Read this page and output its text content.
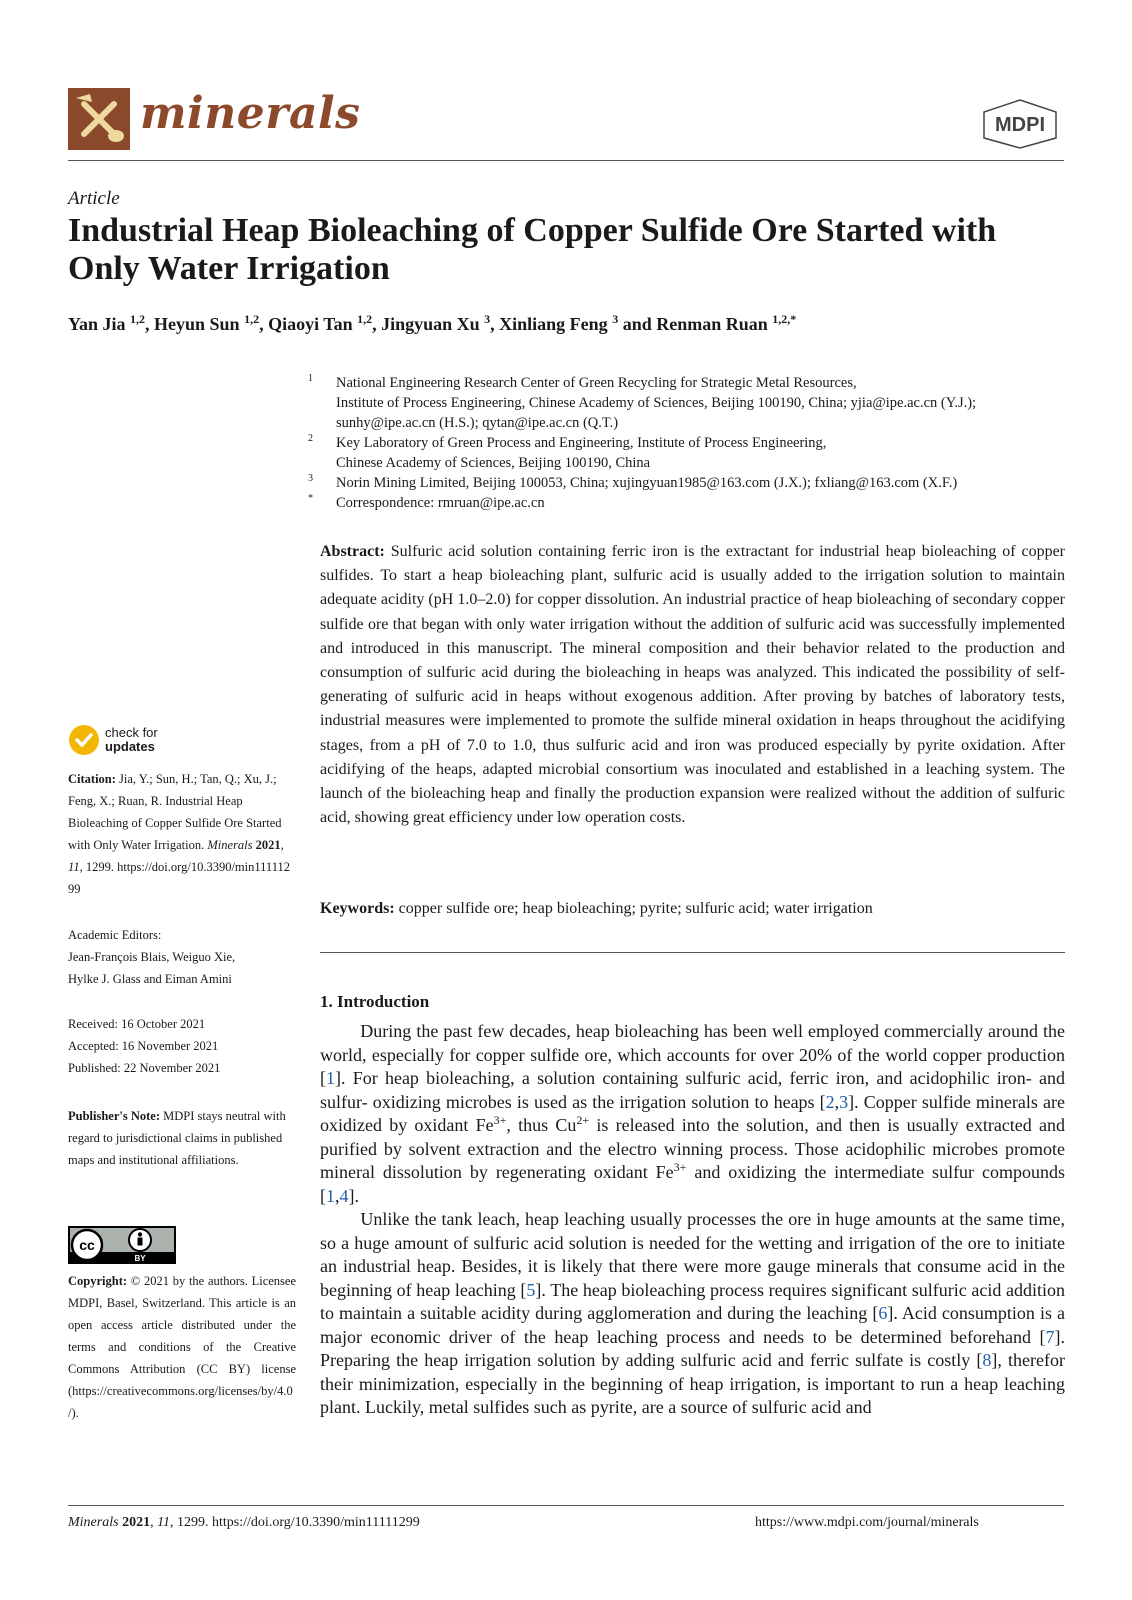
minerals	MDPI
Article
Industrial Heap Bioleaching of Copper Sulfide Ore Started with Only Water Irrigation
Yan Jia $^{1,2}$, Heyun Sun $^{1,2}$, Qiaoyi Tan $^{1,2}$, Jingyuan Xu $^3$, Xinliang Feng $^3$ and Renman Ruan $^{1,2,*}$
1 National Engineering Research Center of Green Recycling for Strategic Metal Resources,
Institute of Process Engineering, Chinese Academy of Sciences, Beijing 100190, China; yjia@ipe.ac.cn (Y.J.);
sunhy@ipe.ac.cn (H.S.); qytan@ipe.ac.cn (Q.T.)
2 Key Laboratory of Green Process and Engineering, Institute of Process Engineering,
Chinese Academy of Sciences, Beijing 100190, China
3 Norin Mining Limited, Beijing 100053, China; xujingyuan1985@163.com (J.X.); fxliang@163.com (X.F.)
* Correspondence: rmruan@ipe.ac.cn
Abstract: Sulfuric acid solution containing ferric iron is the extractant for industrial heap bioleaching of copper sulfides. To start a heap bioleaching plant, sulfuric acid is usually added to the irrigation solution to maintain adequate acidity (pH 1.0–2.0) for copper dissolution. An industrial practice of heap bioleaching of secondary copper sulfide ore that began with only water irrigation without the addition of sulfuric acid was successfully implemented and introduced in this manuscript. The mineral composition and their behavior related to the production and consumption of sulfuric acid during the bioleaching in heaps was analyzed. This indicated the possibility of self-generating of sulfuric acid in heaps without exogenous addition. After proving by batches of laboratory tests, industrial measures were implemented to promote the sulfide mineral oxidation in heaps throughout the acidifying stages, from a pH of 7.0 to 1.0, thus sulfuric acid and iron was produced especially by pyrite oxidation. After acidifying of the heaps, adapted microbial consortium was inoculated and established in a leaching system. The launch of the bioleaching heap and finally the production expansion were realized without the addition of sulfuric acid, showing great efficiency under low operation costs.
Keywords: copper sulfide ore; heap bioleaching; pyrite; sulfuric acid; water irrigation
1. Introduction
During the past few decades, heap bioleaching has been well employed commercially around the world, especially for copper sulfide ore, which accounts for over 20% of the world copper production [1]. For heap bioleaching, a solution containing sulfuric acid, ferric iron, and acidophilic iron- and sulfur- oxidizing microbes is used as the irrigation solution to heaps [2,3]. Copper sulfide minerals are oxidized by oxidant $Fe^{3+}$, thus $Cu^{2+}$ is released into the solution, and then is usually extracted and purified by solvent extraction and the electro winning process. Those acidophilic microbes promote mineral dissolution by regenerating oxidant $Fe^{3+}$ and oxidizing the intermediate sulfur compounds [1,4].
Unlike the tank leach, heap leaching usually processes the ore in huge amounts at the same time, so a huge amount of sulfuric acid solution is needed for the wetting and irrigation of the ore to initiate an industrial heap. Besides, it is likely that there were more gauge minerals that consume acid in the beginning of heap leaching [5]. The heap bioleaching process requires significant sulfuric acid addition to maintain a suitable acidity during agglomeration and during the leaching [6]. Acid consumption is a major economic driver of the heap leaching process and needs to be determined beforehand [7]. Preparing the heap irrigation solution by adding sulfuric acid and ferric sulfate is costly [8], therefor their minimization, especially in the beginning of heap irrigation, is important to run a heap leaching plant. Luckily, metal sulfides such as pyrite, are a source of sulfuric acid and
check for
updates
Citation: Jia, Y.; Sun, H.; Tan, Q.; Xu, J.; Feng, X.; Ruan, R. Industrial Heap Bioleaching of Copper Sulfide Ore Started with Only Water Irrigation. Minerals 2021, 11, 1299. https://doi.org/10.3390/min11111299
Academic Editors:
Jean-François Blais, Weiguo Xie,
Hylke J. Glass and Eiman Amini
Received: 16 October 2021
Accepted: 16 November 2021
Published: 22 November 2021
Publisher's Note: MDPI stays neutral with regard to jurisdictional claims in published maps and institutional affiliations.
cc
BY
Copyright: © 2021 by the authors. Licensee MDPI, Basel, Switzerland. This article is an open access article distributed under the terms and conditions of the Creative Commons Attribution (CC BY) license (https://creativecommons.org/licenses/by/4.0/).
Minerals 2021, 11, 1299. https://doi.org/10.3390/min11111299	https://www.mdpi.com/journal/minerals
